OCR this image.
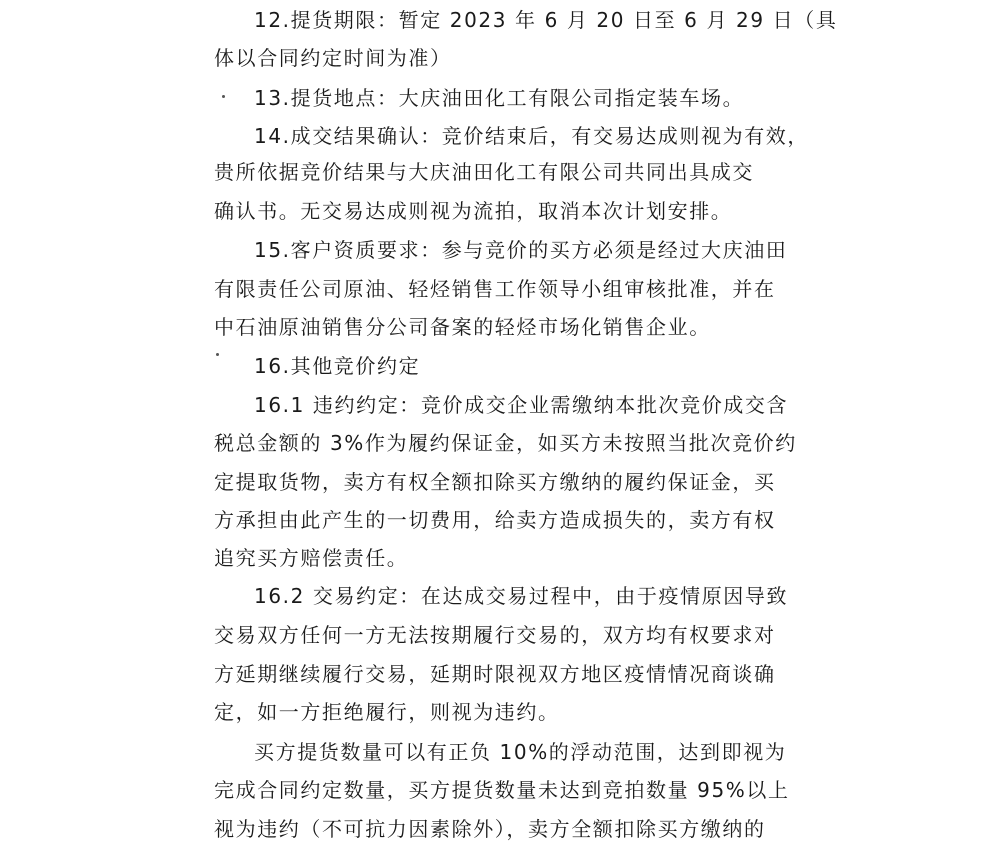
12.提货期限：暂定 2023 年 6 月 20 日至 6 月 29 日（具
体以合同约定时间为准）
13.提货地点：大庆油田化工有限公司指定装车场。
14.成交结果确认：竞价结束后，有交易达成则视为有效，
贵所依据竞价结果与大庆油田化工有限公司共同出具成交
确认书。无交易达成则视为流拍，取消本次计划安排。
15.客户资质要求：参与竞价的买方必须是经过大庆油田
有限责任公司原油、轻烃销售工作领导小组审核批准，并在
中石油原油销售分公司备案的轻烃市场化销售企业。
16.其他竞价约定
16.1 违约约定：竞价成交企业需缴纳本批次竞价成交含
税总金额的 3%作为履约保证金，如买方未按照当批次竞价约
定提取货物，卖方有权全额扣除买方缴纳的履约保证金，买
方承担由此产生的一切费用，给卖方造成损失的，卖方有权
追究买方赔偿责任。
16.2 交易约定：在达成交易过程中，由于疫情原因导致
交易双方任何一方无法按期履行交易的，双方均有权要求对
方延期继续履行交易，延期时限视双方地区疫情情况商谈确
定，如一方拒绝履行，则视为违约。
买方提货数量可以有正负 10%的浮动范围，达到即视为
完成合同约定数量，买方提货数量未达到竞拍数量 95%以上
视为违约（不可抗力因素除外），卖方全额扣除买方缴纳的
